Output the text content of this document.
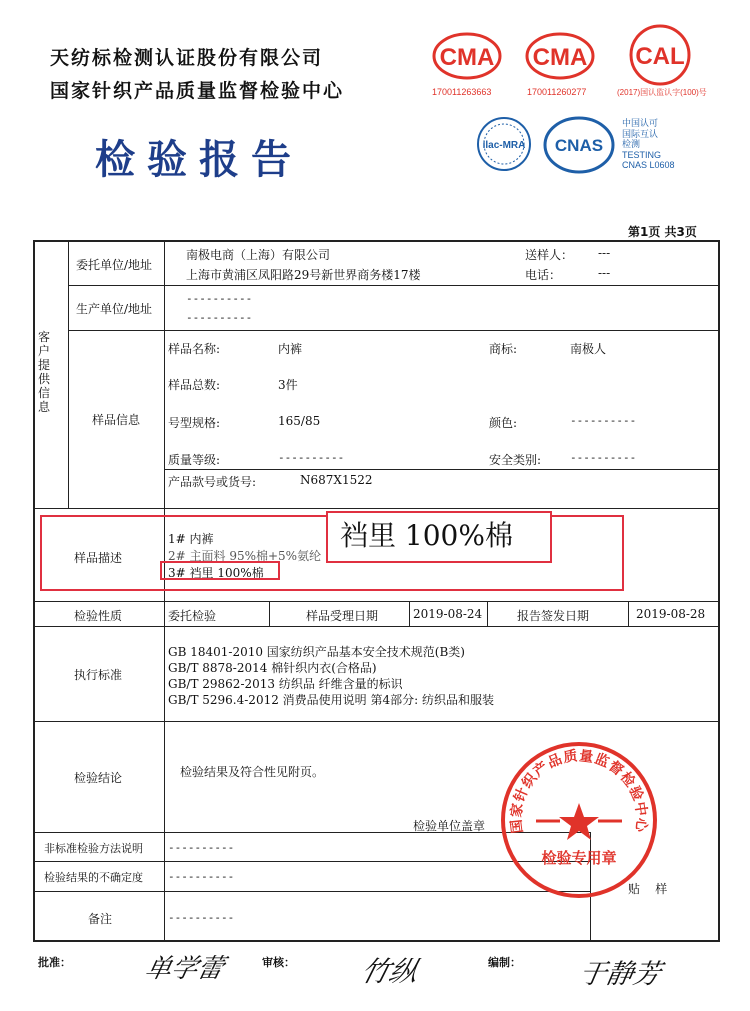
天纺标检测认证股份有限公司
国家针织产品质量监督检验中心
检验报告
CMA
170011263663
CMA
170011260277
CAL
(2017)国认监认字(100)号
ilac-MRA CNAS
中国认可
国际互认
检测
TESTING
CNAS L0608
第1页 共3页
客户提供信息
委托单位/地址
南极电商（上海）有限公司
上海市黄浦区凤阳路29号新世界商务楼17楼
送样人： ---
电话：	---
生产单位/地址
----------
----------
样品信息
样品名称:	内裤	商标:	南极人
样品总数:	3件
号型规格:	165/85	颜色:	----------
质量等级:	----------	安全类别:	----------
产品款号或货号:	N687X1522
样品描述
1# 内裤
2# 主面料 95%棉+5%氨纶
3# 裆里 100%棉
裆里 100%棉
检验性质	委托检验	样品受理日期	2019-08-24	报告签发日期	2019-08-28
执行标准
GB 18401-2010 国家纺织产品基本安全技术规范(B类)
GB/T 8878-2014 棉针织内衣(合格品)
GB/T 29862-2013 纺织品 纤维含量的标识
GB/T 5296.4-2012 消费品使用说明 第4部分: 纺织品和服装
检验结论	检验结果及符合性见附页。
检验单位盖章
非标准检验方法说明 ----------
检验结果的不确定度 ----------
备注	----------
贴    样
国家针织产品质量监督检验中心
检验专用章
批准：	单学蕾	审核： 竹纵	编制： 于静芳
